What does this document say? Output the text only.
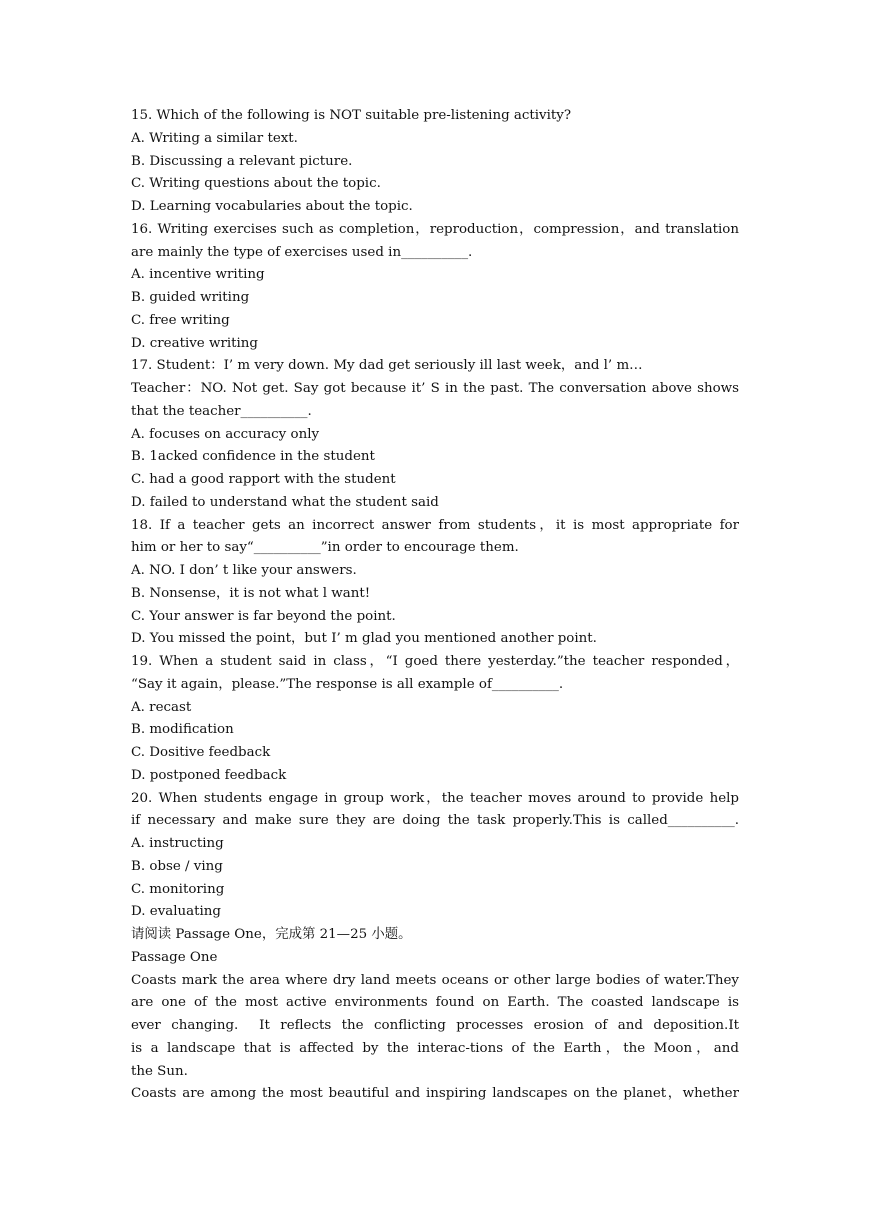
15. Which of the following is NOT suitable pre-listening activity?
A. Writing a similar text.
B. Discussing a relevant picture.
C. Writing questions about the topic.
D. Learning vocabularies about the topic.
16. Writing exercises such as completion，reproduction，compression，and translation
are mainly the type of exercises used in__________.
A. incentive writing
B. guided writing
C. free writing
D. creative writing
17. Student：I’ m very down. My dad get seriously ill last week，and l’ m…
Teacher：NO. Not get. Say got because it’ S in the past. The conversation above shows
that the teacher__________.
A. focuses on accuracy only
B. 1acked confidence in the student
C. had a good rapport with the student
D. failed to understand what the student said
18. If a teacher gets an incorrect answer from students，it is most appropriate for
him or her to say“__________”in order to encourage them.
A. NO. I don’ t like your answers.
B. Nonsense，it is not what l want!
C. Your answer is far beyond the point.
D. You missed the point，but I’ m glad you mentioned another point.
19. When a student said in class，“I goed there yesterday.”the teacher responded，
“Say it again，please.”The response is all example of__________.
A. recast
B. modification
C. Dositive feedback
D. postponed feedback
20. When students engage in group work，the teacher moves around to provide help
if necessary and make sure they are doing the task properly.This is called__________.
A. instructing
B. obse / ving
C. monitoring
D. evaluating
请阅读 Passage One，完成第 21—25 小题。
Passage One
Coasts mark the area where dry land meets oceans or other large bodies of water.They
are one of the most active environments found on Earth. The coasted landscape is
ever changing.  It reflects the conflicting processes erosion of and deposition.It
is a landscape that is affected by the interac-tions of the Earth，the Moon，and
the Sun.
Coasts are among the most beautiful and inspiring landscapes on the planet，whether
